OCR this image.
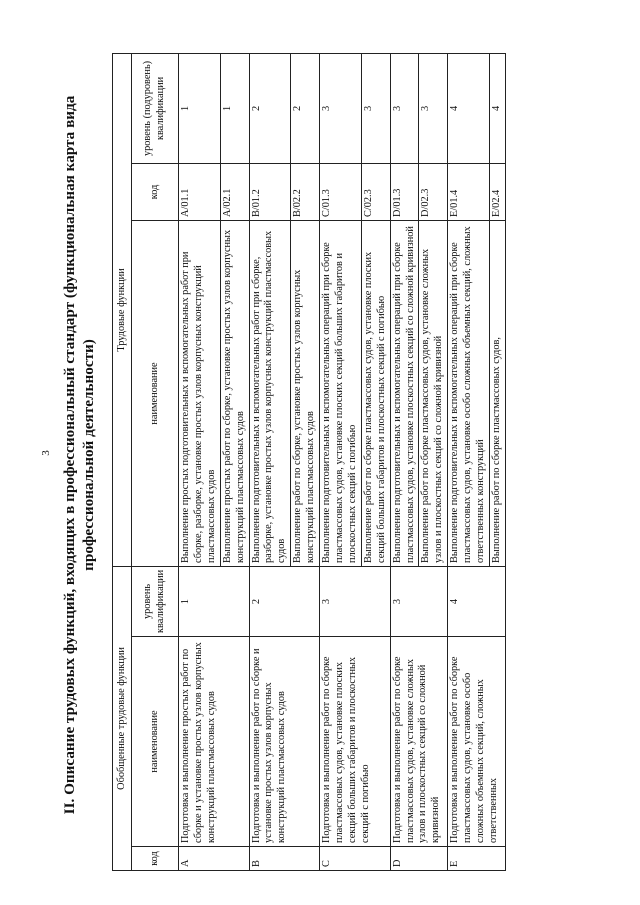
3 II. Описание трудовых функций, входящих в профессиональный стандарт (функциональная карта вида профессиональной деятельности)
Обобщенные трудовые функции			Трудовые функции		
код	наименование	уровень квалификации	наименование	код	уровень (подуровень) квалификации
A	Подготовка и выполнение простых работ по сборке и установке простых узлов корпусных конструкций пластмассовых судов	1	Выполнение простых подготовительных и вспомогательных работ при сборке, разборке, установке простых узлов корпусных конструкций пластмассовых судов	A/01.1	1
			Выполнение простых работ по сборке, установке простых узлов корпусных конструкций пластмассовых судов	A/02.1	1
B	Подготовка и выполнение работ по сборке и установке простых узлов корпусных конструкций пластмассовых судов	2	Выполнение подготовительных и вспомогательных работ при сборке, разборке, установке простых узлов корпусных конструкций пластмассовых судов	B/01.2	2
			Выполнение работ по сборке, установке простых узлов корпусных конструкций пластмассовых судов	B/02.2	2
C	Подготовка и выполнение работ по сборке пластмассовых судов, установке плоских секций больших габаритов и плоскостных секций с погибью	3	Выполнение подготовительных и вспомогательных операций при сборке пластмассовых судов, установке плоских секций больших габаритов и плоскостных секций с погибью	C/01.3	3
			Выполнение работ по сборке пластмассовых судов, установке плоских секций больших габаритов и плоскостных секций с погибью	C/02.3	3
D	Подготовка и выполнение работ по сборке пластмассовых судов, установке сложных узлов и плоскостных секций со сложной кривизной	3	Выполнение подготовительных и вспомогательных операций при сборке пластмассовых судов, установке плоскостных секций со сложной кривизной	D/01.3	3
			Выполнение работ по сборке пластмассовых судов, установке сложных узлов и плоскостных секций со сложной кривизной	D/02.3	3
E	Подготовка и выполнение работ по сборке пластмассовых судов, установке особо сложных объемных секций, сложных ответственных	4	Выполнение подготовительных и вспомогательных операций при сборке пластмассовых судов, установке особо сложных объемных секций, сложных ответственных конструкций	E/01.4	4
			Выполнение работ по сборке пластмассовых судов,	E/02.4	4
